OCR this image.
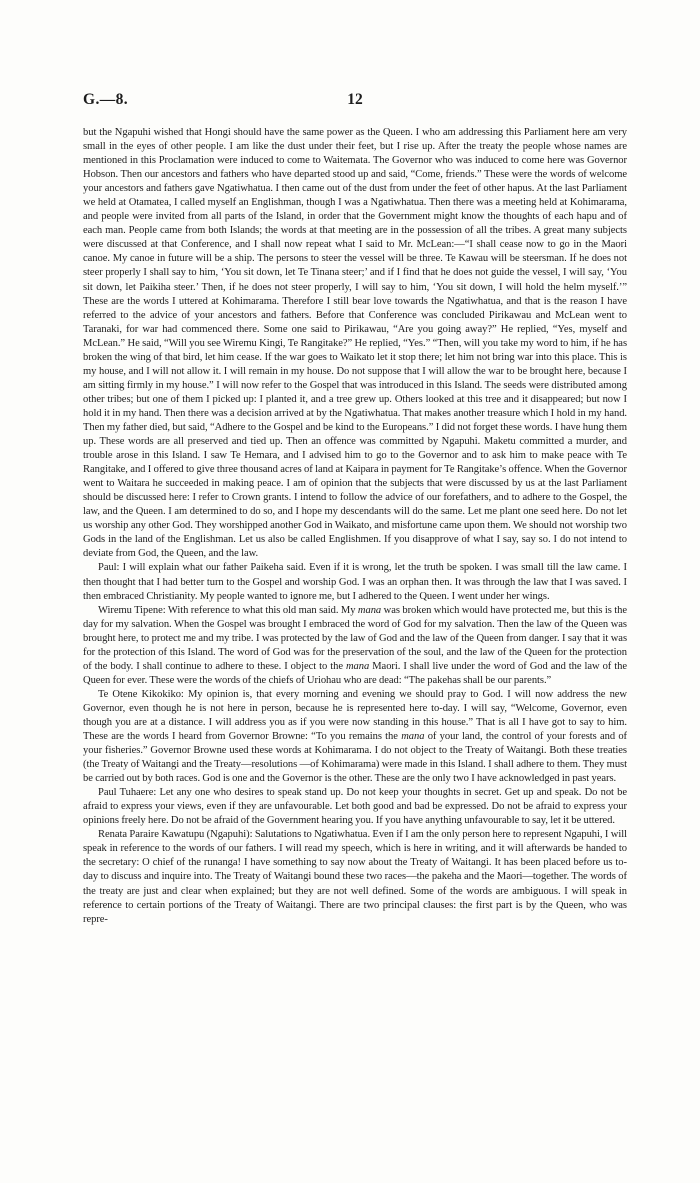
G.—8.	12

but the Ngapuhi wished that Hongi should have the same power as the Queen. I who am addressing this Parliament here am very small in the eyes of other people. I am like the dust under their feet, but I rise up. After the treaty the people whose names are mentioned in this Proclamation were induced to come to Waitemata. The Governor who was induced to come here was Governor Hobson. Then our ancestors and fathers who have departed stood up and said, “Come, friends.” These were the words of welcome your ancestors and fathers gave Ngatiwhatua. I then came out of the dust from under the feet of other hapus. At the last Parliament we held at Otamatea, I called myself an Englishman, though I was a Ngatiwhatua. Then there was a meeting held at Kohimarama, and people were invited from all parts of the Island, in order that the Government might know the thoughts of each hapu and of each man. People came from both Islands; the words at that meeting are in the possession of all the tribes. A great many subjects were discussed at that Conference, and I shall now repeat what I said to Mr. McLean:—“I shall cease now to go in the Maori canoe. My canoe in future will be a ship. The persons to steer the vessel will be three. Te Kawau will be steersman. If he does not steer properly I shall say to him, ‘You sit down, let Te Tinana steer;’ and if I find that he does not guide the vessel, I will say, ‘You sit down, let Paikiha steer.’ Then, if he does not steer properly, I will say to him, ‘You sit down, I will hold the helm myself.’” These are the words I uttered at Kohimarama. Therefore I still bear love towards the Ngatiwhatua, and that is the reason I have referred to the advice of your ancestors and fathers. Before that Conference was concluded Pirikawau and McLean went to Taranaki, for war had commenced there. Some one said to Pirikawau, “Are you going away?” He replied, “Yes, myself and McLean.” He said, “Will you see Wiremu Kingi, Te Rangitake?” He replied, “Yes.” “Then, will you take my word to him, if he has broken the wing of that bird, let him cease. If the war goes to Waikato let it stop there; let him not bring war into this place. This is my house, and I will not allow it. I will remain in my house. Do not suppose that I will allow the war to be brought here, because I am sitting firmly in my house.” I will now refer to the Gospel that was introduced in this Island. The seeds were distributed among other tribes; but one of them I picked up: I planted it, and a tree grew up. Others looked at this tree and it disappeared; but now I hold it in my hand. Then there was a decision arrived at by the Ngatiwhatua. That makes another treasure which I hold in my hand. Then my father died, but said, “Adhere to the Gospel and be kind to the Europeans.” I did not forget these words. I have hung them up. These words are all preserved and tied up. Then an offence was committed by Ngapuhi. Maketu committed a murder, and trouble arose in this Island. I saw Te Hemara, and I advised him to go to the Governor and to ask him to make peace with Te Rangitake, and I offered to give three thousand acres of land at Kaipara in payment for Te Rangitake’s offence. When the Governor went to Waitara he succeeded in making peace. I am of opinion that the subjects that were discussed by us at the last Parliament should be discussed here: I refer to Crown grants. I intend to follow the advice of our forefathers, and to adhere to the Gospel, the law, and the Queen. I am determined to do so, and I hope my descendants will do the same. Let me plant one seed here. Do not let us worship any other God. They worshipped another God in Waikato, and misfortune came upon them. We should not worship two Gods in the land of the Englishman. Let us also be called Englishmen. If you disapprove of what I say, say so. I do not intend to deviate from God, the Queen, and the law.

Paul: I will explain what our father Paikeha said. Even if it is wrong, let the truth be spoken. I was small till the law came. I then thought that I had better turn to the Gospel and worship God. I was an orphan then. It was through the law that I was saved. I then embraced Christianity. My people wanted to ignore me, but I adhered to the Queen. I went under her wings.

Wiremu Tipene: With reference to what this old man said. My mana was broken which would have protected me, but this is the day for my salvation. When the Gospel was brought I embraced the word of God for my salvation. Then the law of the Queen was brought here, to protect me and my tribe. I was protected by the law of God and the law of the Queen from danger. I say that it was for the protection of this Island. The word of God was for the preservation of the soul, and the law of the Queen for the protection of the body. I shall continue to adhere to these. I object to the mana Maori. I shall live under the word of God and the law of the Queen for ever. These were the words of the chiefs of Uriohau who are dead: “The pakehas shall be our parents.”

Te Otene Kikokiko: My opinion is, that every morning and evening we should pray to God. I will now address the new Governor, even though he is not here in person, because he is represented here to-day. I will say, “Welcome, Governor, even though you are at a distance. I will address you as if you were now standing in this house.” That is all I have got to say to him. These are the words I heard from Governor Browne: “To you remains the mana of your land, the control of your forests and of your fisheries.” Governor Browne used these words at Kohimarama. I do not object to the Treaty of Waitangi. Both these treaties (the Treaty of Waitangi and the Treaty—resolutions —of Kohimarama) were made in this Island. I shall adhere to them. They must be carried out by both races. God is one and the Governor is the other. These are the only two I have acknowledged in past years.

Paul Tuhaere: Let any one who desires to speak stand up. Do not keep your thoughts in secret. Get up and speak. Do not be afraid to express your views, even if they are unfavourable. Let both good and bad be expressed. Do not be afraid to express your opinions freely here. Do not be afraid of the Government hearing you. If you have anything unfavourable to say, let it be uttered.

Renata Paraire Kawatupu (Ngapuhi): Salutations to Ngatiwhatua. Even if I am the only person here to represent Ngapuhi, I will speak in reference to the words of our fathers. I will read my speech, which is here in writing, and it will afterwards be handed to the secretary: O chief of the runanga! I have something to say now about the Treaty of Waitangi. It has been placed before us to-day to discuss and inquire into. The Treaty of Waitangi bound these two races—the pakeha and the Maori—together. The words of the treaty are just and clear when explained; but they are not well defined. Some of the words are ambiguous. I will speak in reference to certain portions of the Treaty of Waitangi. There are two principal clauses: the first part is by the Queen, who was repre-
